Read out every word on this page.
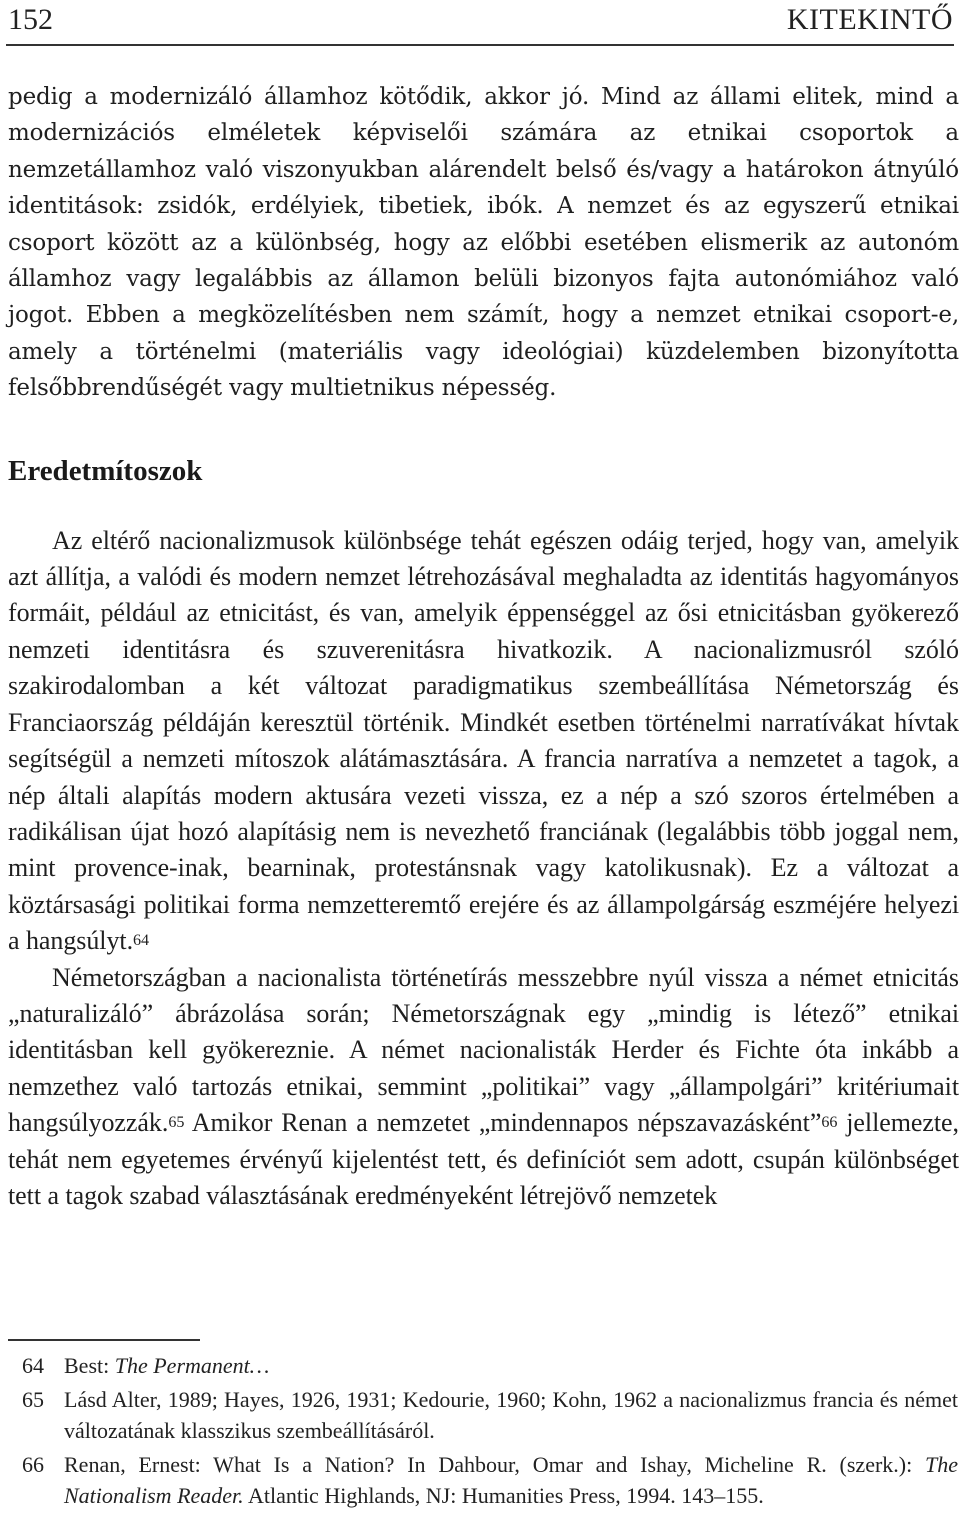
152	KITEKINTŐ

pedig a modernizáló államhoz kötődik, akkor jó. Mind az állami elitek, mind a modernizációs elméletek képviselői számára az etnikai csoportok a nemzetállamhoz való viszonyukban alárendelt belső és/vagy a határokon átnyúló identitások: zsidók, erdélyiek, tibetiek, ibók. A nemzet és az egyszerű etnikai csoport között az a különbség, hogy az előbbi esetében elismerik az autonóm államhoz vagy legalábbis az államon belüli bizonyos fajta autonómiához való jogot. Ebben a megközelítésben nem számít, hogy a nemzet etnikai csoport-e, amely a történelmi (materiális vagy ideológiai) küzdelemben bizonyította felsőbbrendűségét vagy multietnikus népesség.

Eredetmítoszok

Az eltérő nacionalizmusok különbsége tehát egészen odáig terjed, hogy van, amelyik azt állítja, a valódi és modern nemzet létrehozásával meghaladta az identitás hagyományos formáit, például az etnicitást, és van, amelyik éppenséggel az ősi etnicitásban gyökerező nemzeti identitásra és szuverenitásra hivatkozik. A nacionalizmusról szóló szakirodalomban a két változat paradigmatikus szembeállítása Németország és Franciaország példáján keresztül történik. Mindkét esetben történelmi narratívákat hívtak segítségül a nemzeti mítoszok alátámasztására. A francia narratíva a nemzetet a tagok, a nép általi alapítás modern aktusára vezeti vissza, ez a nép a szó szoros értelmében a radikálisan újat hozó alapításig nem is nevezhető franciának (legalábbis több joggal nem, mint provence-inak, bearninak, protestánsnak vagy katolikusnak). Ez a változat a köztársasági politikai forma nemzetteremtő erejére és az állampolgárság eszméjére helyezi a hangsúlyt.$^{64}$

Németországban a nacionalista történetírás messzebbre nyúl vissza a német etnicitás „naturalizáló” ábrázolása során; Németországnak egy „mindig is létező” etnikai identitásban kell gyökereznie. A német nacionalisták Herder és Fichte óta inkább a nemzethez való tartozás etnikai, semmint „politikai” vagy „állampolgári” kritériumait hangsúlyozzák.$^{65}$ Amikor Renan a nemzetet „mindennapos népszavazásként”$^{66}$ jellemezte, tehát nem egyetemes érvényű kijelentést tett, és definíciót sem adott, csupán különbséget tett a tagok szabad választásának eredményeként létrejövő nemzetek

64 Best: The Permanent…
65 Lásd Alter, 1989; Hayes, 1926, 1931; Kedourie, 1960; Kohn, 1962 a nacionalizmus francia és német változatának klasszikus szembeállításáról.
66 Renan, Ernest: What Is a Nation? In Dahbour, Omar and Ishay, Micheline R. (szerk.): The Nationalism Reader. Atlantic Highlands, NJ: Humanities Press, 1994. 143–155.
